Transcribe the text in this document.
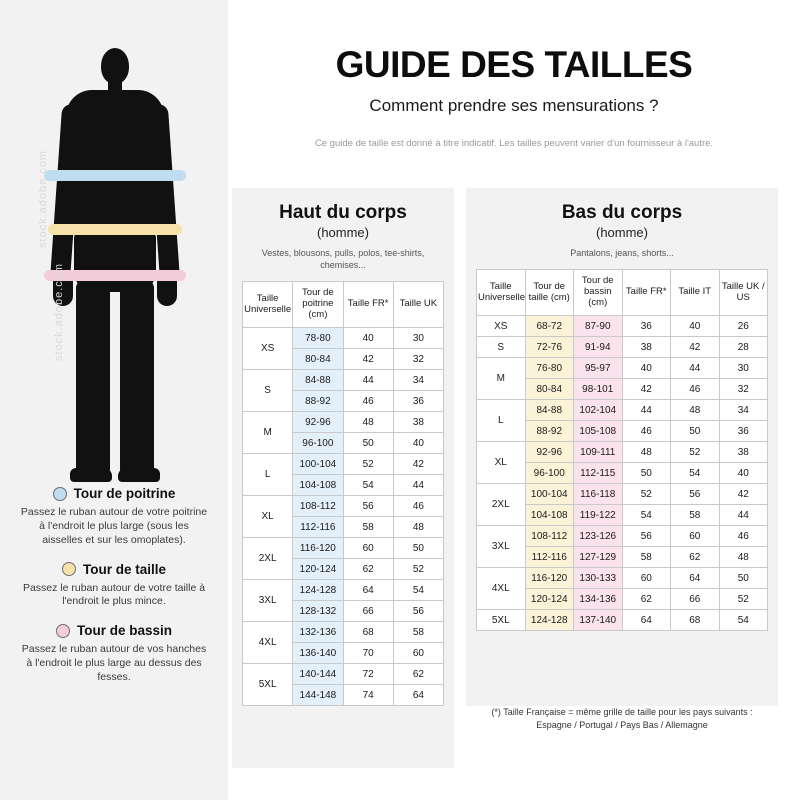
stock.adobe.com
stock.adobe.com
Tour de poitrine
Passez le ruban autour de votre poitrine à l'endroit le plus large (sous les aisselles et sur les omoplates).
Tour de taille
Passez le ruban autour de votre taille à l'endroit le plus mince.
Tour de bassin
Passez le ruban autour de vos hanches à l'endroit le plus large au dessus des fesses.
GUIDE DES TAILLES

Comment prendre ses mensurations ?

Ce guide de taille est donné à titre indicatif. Les tailles peuvent varier d'un fournisseur à l'autre.

Haut du corps

(homme)

Vestes, blousons, pulls, polos, tee-shirts, chemises...

Taille Universelle	Tour de poitrine (cm)	Taille FR*	Taille UK
XS	78-80	40	30
	80-84	42	32
S	84-88	44	34
	88-92	46	36
M	92-96	48	38
	96-100	50	40
L	100-104	52	42
	104-108	54	44
XL	108-112	56	46
	112-116	58	48
2XL	116-120	60	50
	120-124	62	52
3XL	124-128	64	54
	128-132	66	56
4XL	132-136	68	58
	136-140	70	60
5XL	140-144	72	62
	144-148	74	64

Bas du corps

(homme)

Pantalons, jeans, shorts...

Taille Universelle	Tour de taille (cm)	Tour de bassin (cm)	Taille FR*	Taille IT	Taille UK / US
XS	68-72	87-90	36	40	26
S	72-76	91-94	38	42	28
M	76-80	95-97	40	44	30
	80-84	98-101	42	46	32
L	84-88	102-104	44	48	34
	88-92	105-108	46	50	36
XL	92-96	109-111	48	52	38
	96-100	112-115	50	54	40
2XL	100-104	116-118	52	56	42
	104-108	119-122	54	58	44
3XL	108-112	123-126	56	60	46
	112-116	127-129	58	62	48
4XL	116-120	130-133	60	64	50
	120-124	134-136	62	66	52
5XL	124-128	137-140	64	68	54
(*) Taille Française = même grille de taille pour les pays suivants : Espagne / Portugal / Pays Bas / Allemagne
